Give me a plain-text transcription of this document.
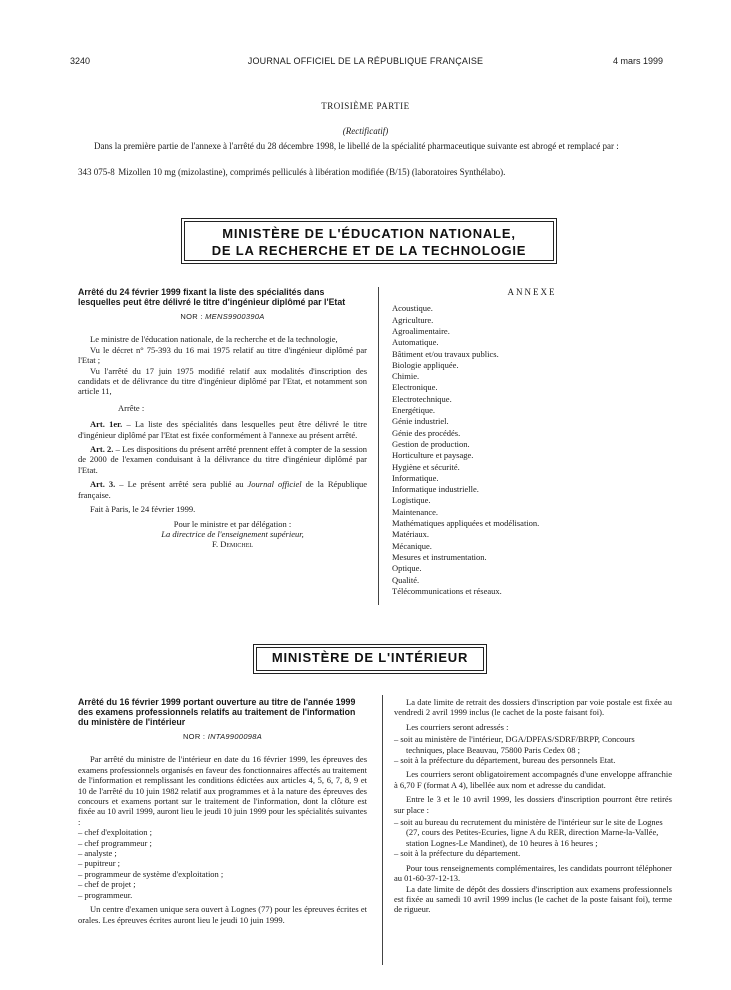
3240	JOURNAL OFFICIEL DE LA RÉPUBLIQUE FRANÇAISE	4 mars 1999
TROISIÈME PARTIE
(Rectificatif)
Dans la première partie de l'annexe à l'arrêté du 28 décembre 1998, le libellé de la spécialité pharmaceutique suivante est abrogé et remplacé par :
343 075-8 Mizollen 10 mg (mizolastine), comprimés pelliculés à libération modifiée (B/15) (laboratoires Synthélabo).
MINISTÈRE DE L'ÉDUCATION NATIONALE,
DE LA RECHERCHE ET DE LA TECHNOLOGIE

Arrêté du 24 février 1999 fixant la liste des spécialités dans lesquelles peut être délivré le titre d'ingénieur diplômé par l'Etat

NOR : MENS9900390A

Le ministre de l'éducation nationale, de la recherche et de la technologie,

Vu le décret n° 75-393 du 16 mai 1975 relatif au titre d'ingénieur diplômé par l'Etat ;

Vu l'arrêté du 17 juin 1975 modifié relatif aux modalités d'inscription des candidats et de délivrance du titre d'ingénieur diplômé par l'Etat, et notamment son article 11,

Arrête :

Art. 1er. – La liste des spécialités dans lesquelles peut être délivré le titre d'ingénieur diplômé par l'Etat est fixée conformément à l'annexe au présent arrêté.

Art. 2. – Les dispositions du présent arrêté prennent effet à compter de la session de 2000 de l'examen conduisant à la délivrance du titre d'ingénieur diplômé par l'Etat.

Art. 3. – Le présent arrêté sera publié au Journal officiel de la République française.

Fait à Paris, le 24 février 1999.

Pour le ministre et par délégation :

La directrice de l'enseignement supérieur,

F. Demichel

ANNEXE

Acoustique.

Agriculture.

Agroalimentaire.

Automatique.

Bâtiment et/ou travaux publics.

Biologie appliquée.

Chimie.

Electronique.

Electrotechnique.

Energétique.

Génie industriel.

Génie des procédés.

Gestion de production.

Horticulture et paysage.

Hygiène et sécurité.

Informatique.

Informatique industrielle.

Logistique.

Maintenance.

Mathématiques appliquées et modélisation.

Matériaux.

Mécanique.

Mesures et instrumentation.

Optique.

Qualité.

Télécommunications et réseaux.

MINISTÈRE DE L'INTÉRIEUR

Arrêté du 16 février 1999 portant ouverture au titre de l'année 1999 des examens professionnels relatifs au traitement de l'information du ministère de l'intérieur

NOR : INTA9900098A

Par arrêté du ministre de l'intérieur en date du 16 février 1999, les épreuves des examens professionnels organisés en faveur des fonctionnaires affectés au traitement de l'information et remplissant les conditions édictées aux articles 4, 5, 6, 7, 8, 9 et 10 de l'arrêté du 10 juin 1982 relatif aux programmes et à la nature des épreuves des concours et examens portant sur le traitement de l'information, dont la clôture est fixée au 10 avril 1999, auront lieu le jeudi 10 juin 1999 pour les spécialités suivantes :

– chef d'exploitation ;
– chef programmeur ;
– analyste ;
– pupitreur ;
– programmeur de système d'exploitation ;
– chef de projet ;
– programmeur.

Un centre d'examen unique sera ouvert à Lognes (77) pour les épreuves écrites et orales. Les épreuves écrites auront lieu le jeudi 10 juin 1999.

La date limite de retrait des dossiers d'inscription par voie postale est fixée au vendredi 2 avril 1999 inclus (le cachet de la poste faisant foi).

Les courriers seront adressés :

– soit au ministère de l'intérieur, DGA/DPFAS/SDRF/BRPP, Concours techniques, place Beauvau, 75800 Paris Cedex 08 ;
– soit à la préfecture du département, bureau des personnels Etat.

Les courriers seront obligatoirement accompagnés d'une enveloppe affranchie à 6,70 F (format A 4), libellée aux nom et adresse du candidat.

Entre le 3 et le 10 avril 1999, les dossiers d'inscription pourront être retirés sur place :

– soit au bureau du recrutement du ministère de l'intérieur sur le site de Lognes (27, cours des Petites-Ecuries, ligne A du RER, direction Marne-la-Vallée, station Lognes-Le Mandinet), de 10 heures à 16 heures ;
– soit à la préfecture du département.

Pour tous renseignements complémentaires, les candidats pourront téléphoner au 01-60-37-12-13.

La date limite de dépôt des dossiers d'inscription aux examens professionnels est fixée au samedi 10 avril 1999 inclus (le cachet de la poste faisant foi), terme de rigueur.
